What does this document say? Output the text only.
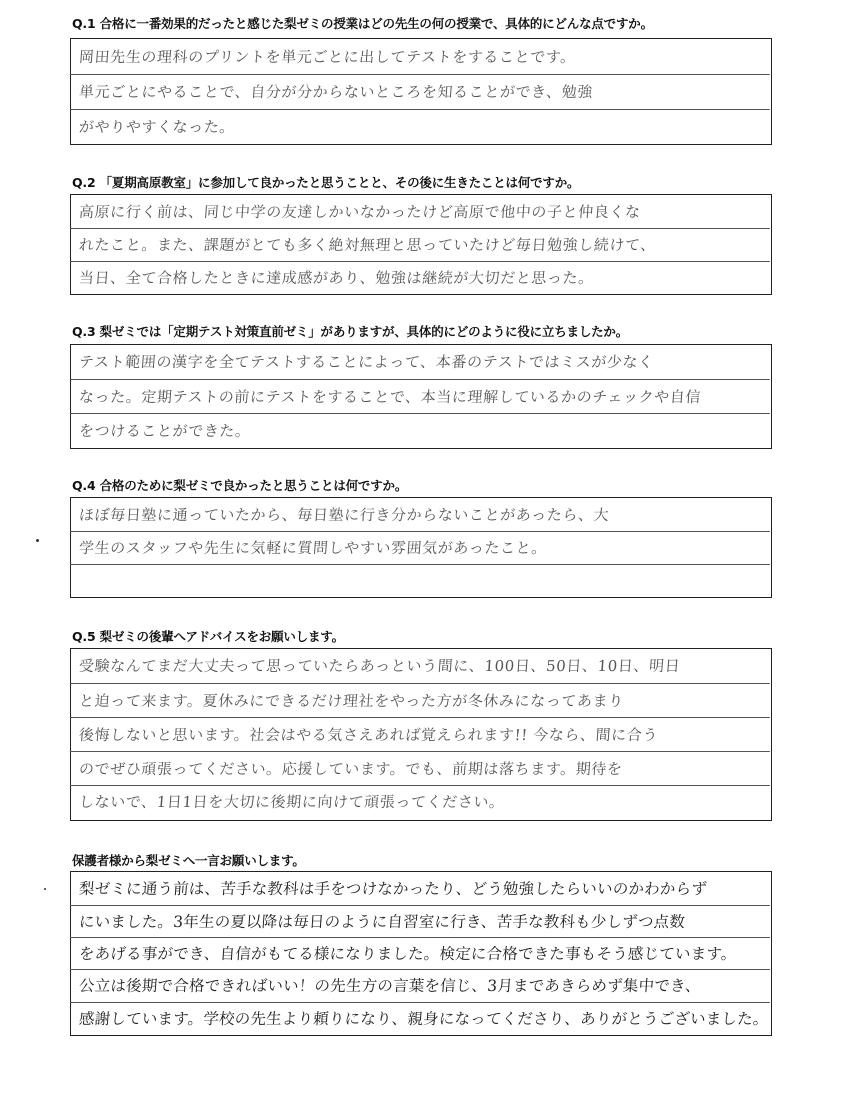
Q.1 合格に一番効果的だったと感じた梨ゼミの授業はどの先生の何の授業で、具体的にどんな点ですか。
岡田先生の理科のプリントを単元ごとに出してテストをすることです。
単元ごとにやることで、自分が分からないところを知ることができ、勉強
がやりやすくなった。
Q.2 「夏期高原教室」に参加して良かったと思うことと、その後に生きたことは何ですか。
高原に行く前は、同じ中学の友達しかいなかったけど高原で他中の子と仲良くな
れたこと。また、課題がとても多く絶対無理と思っていたけど毎日勉強し続けて、
当日、全て合格したときに達成感があり、勉強は継続が大切だと思った。
Q.3 梨ゼミでは「定期テスト対策直前ゼミ」がありますが、具体的にどのように役に立ちましたか。
テスト範囲の漢字を全てテストすることによって、本番のテストではミスが少なく
なった。定期テストの前にテストをすることで、本当に理解しているかのチェックや自信
をつけることができた。
Q.4 合格のために梨ゼミで良かったと思うことは何ですか。
ほぼ毎日塾に通っていたから、毎日塾に行き分からないことがあったら、大
学生のスタッフや先生に気軽に質問しやすい雰囲気があったこと。
Q.5 梨ゼミの後輩へアドバイスをお願いします。
受験なんてまだ大丈夫って思っていたらあっという間に、100日、50日、10日、明日
と迫って来ます。夏休みにできるだけ理社をやった方が冬休みになってあまり
後悔しないと思います。社会はやる気さえあれば覚えられます!! 今なら、間に合う
のでぜひ頑張ってください。応援しています。でも、前期は落ちます。期待を
しないで、1日1日を大切に後期に向けて頑張ってください。
保護者様から梨ゼミへ一言お願いします。
梨ゼミに通う前は、苦手な教科は手をつけなかったり、どう勉強したらいいのかわからず
にいました。3年生の夏以降は毎日のように自習室に行き、苦手な教科も少しずつ点数
をあげる事ができ、自信がもてる様になりました。検定に合格できた事もそう感じています。
公立は後期で合格できればいい！の先生方の言葉を信じ、3月まであきらめず集中でき、
感謝しています。学校の先生より頼りになり、親身になってくださり、ありがとうございました。
